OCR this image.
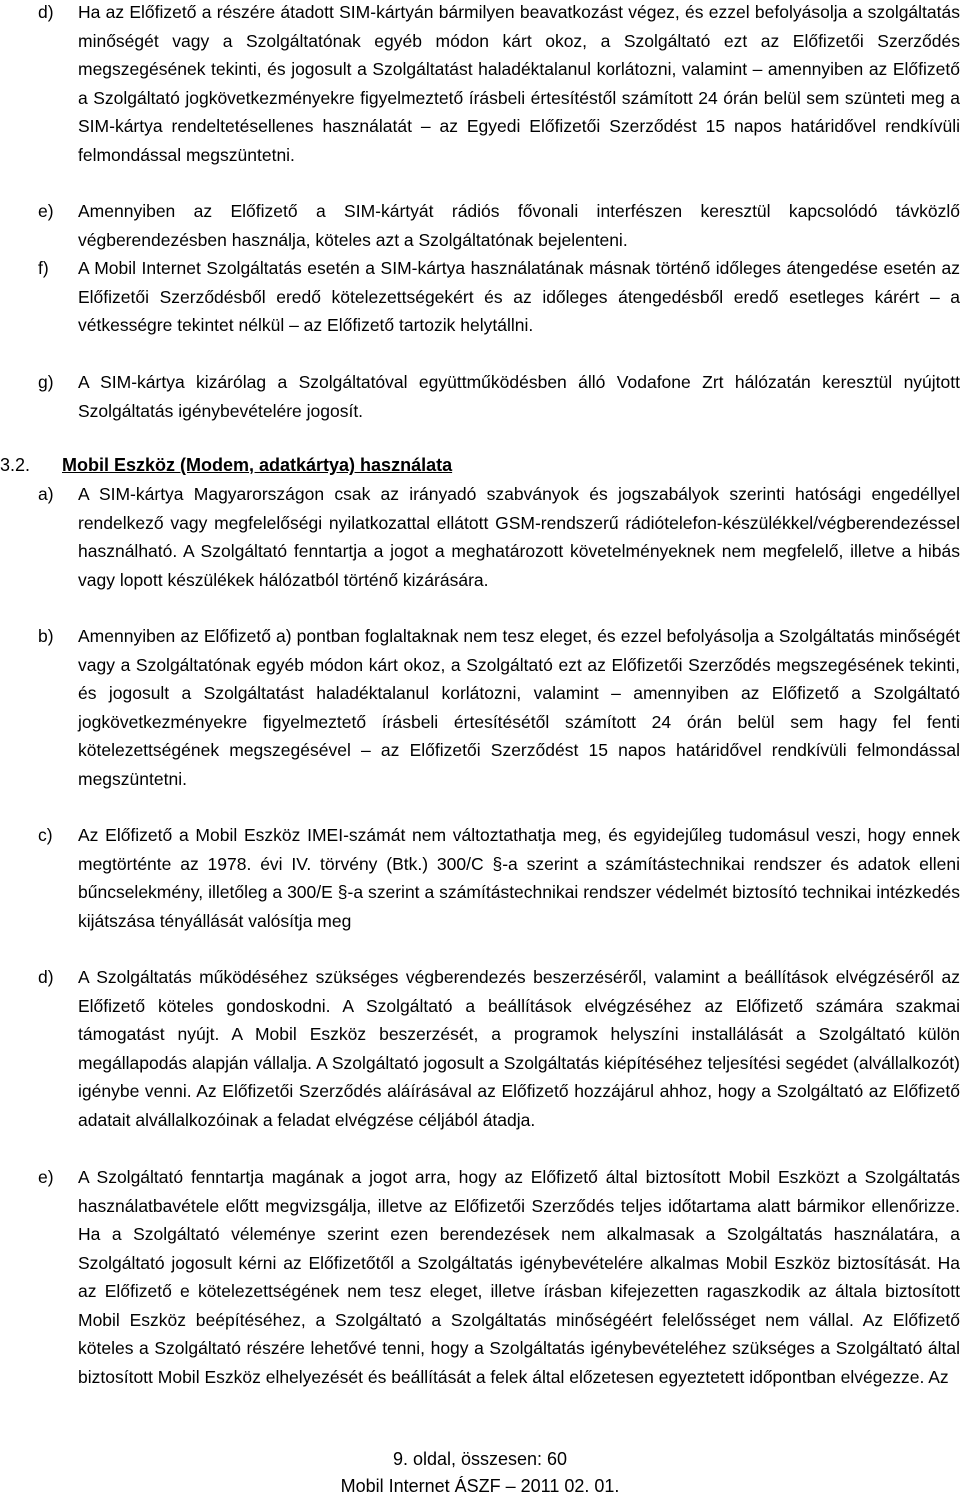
d) Ha az Előfizető a részére átadott SIM-kártyán bármilyen beavatkozást végez, és ezzel befolyásolja a szolgáltatás minőségét vagy a Szolgáltatónak egyéb módon kárt okoz, a Szolgáltató ezt az Előfizetői Szerződés megszegésének tekinti, és jogosult a Szolgáltatást haladéktalanul korlátozni, valamint – amennyiben az Előfizető a Szolgáltató jogkövetkezményekre figyelmeztető írásbeli értesítéstől számított 24 órán belül sem szünteti meg a SIM-kártya rendeltetésellenes használatát – az Egyedi Előfizetői Szerződést 15 napos határidővel rendkívüli felmondással megszüntetni.
e) Amennyiben az Előfizető a SIM-kártyát rádiós fővonali interfészen keresztül kapcsolódó távközlő végberendezésben használja, köteles azt a Szolgáltatónak bejelenteni.
f) A Mobil Internet Szolgáltatás esetén a SIM-kártya használatának másnak történő időleges átengedése esetén az Előfizetői Szerződésből eredő kötelezettségekért és az időleges átengedésből eredő esetleges kárért – a vétkességre tekintet nélkül – az Előfizető tartozik helytállni.
g) A SIM-kártya kizárólag a Szolgáltatóval együttműködésben álló Vodafone Zrt hálózatán keresztül nyújtott Szolgáltatás igénybevételére jogosít.
3.2. Mobil Eszköz (Modem, adatkártya) használata
a) A SIM-kártya Magyarországon csak az irányadó szabványok és jogszabályok szerinti hatósági engedéllyel rendelkező vagy megfelelőségi nyilatkozattal ellátott GSM-rendszerű rádiótelefon-készülékkel/végberendezéssel használható. A Szolgáltató fenntartja a jogot a meghatározott követelményeknek nem megfelelő, illetve a hibás vagy lopott készülékek hálózatból történő kizárására.
b) Amennyiben az Előfizető a) pontban foglaltaknak nem tesz eleget, és ezzel befolyásolja a Szolgáltatás minőségét vagy a Szolgáltatónak egyéb módon kárt okoz, a Szolgáltató ezt az Előfizetői Szerződés megszegésének tekinti, és jogosult a Szolgáltatást haladéktalanul korlátozni, valamint – amennyiben az Előfizető a Szolgáltató jogkövetkezményekre figyelmeztető írásbeli értesítésétől számított 24 órán belül sem hagy fel fenti kötelezettségének megszegésével – az Előfizetői Szerződést 15 napos határidővel rendkívüli felmondással megszüntetni.
c) Az Előfizető a Mobil Eszköz IMEI-számát nem változtathatja meg, és egyidejűleg tudomásul veszi, hogy ennek megtörténte az 1978. évi IV. törvény (Btk.) 300/C §-a szerint a számítástechnikai rendszer és adatok elleni bűncselekmény, illetőleg a 300/E §-a szerint a számítástechnikai rendszer védelmét biztosító technikai intézkedés kijátszása tényállását valósítja meg
d) A Szolgáltatás működéséhez szükséges végberendezés beszerzéséről, valamint a beállítások elvégzéséről az Előfizető köteles gondoskodni. A Szolgáltató a beállítások elvégzéséhez az Előfizető számára szakmai támogatást nyújt. A Mobil Eszköz beszerzését, a programok helyszíni installálását a Szolgáltató külön megállapodás alapján vállalja. A Szolgáltató jogosult a Szolgáltatás kiépítéséhez teljesítési segédet (alvállalkozót) igénybe venni. Az Előfizetői Szerződés aláírásával az Előfizető hozzájárul ahhoz, hogy a Szolgáltató az Előfizető adatait alvállalkozóinak a feladat elvégzése céljából átadja.
e) A Szolgáltató fenntartja magának a jogot arra, hogy az Előfizető által biztosított Mobil Eszközt a Szolgáltatás használatbavétele előtt megvizsgálja, illetve az Előfizetői Szerződés teljes időtartama alatt bármikor ellenőrizze. Ha a Szolgáltató véleménye szerint ezen berendezések nem alkalmasak a Szolgáltatás használatára, a Szolgáltató jogosult kérni az Előfizetőtől a Szolgáltatás igénybevételére alkalmas Mobil Eszköz biztosítását. Ha az Előfizető e kötelezettségének nem tesz eleget, illetve írásban kifejezetten ragaszkodik az általa biztosított Mobil Eszköz beépítéséhez, a Szolgáltató a Szolgáltatás minőségéért felelősséget nem vállal. Az Előfizető köteles a Szolgáltató részére lehetővé tenni, hogy a Szolgáltatás igénybevételéhez szükséges a Szolgáltató által biztosított Mobil Eszköz elhelyezését és beállítását a felek által előzetesen egyeztetett időpontban elvégezze. Az
9. oldal, összesen: 60
Mobil Internet ÁSZF – 2011 02. 01.
